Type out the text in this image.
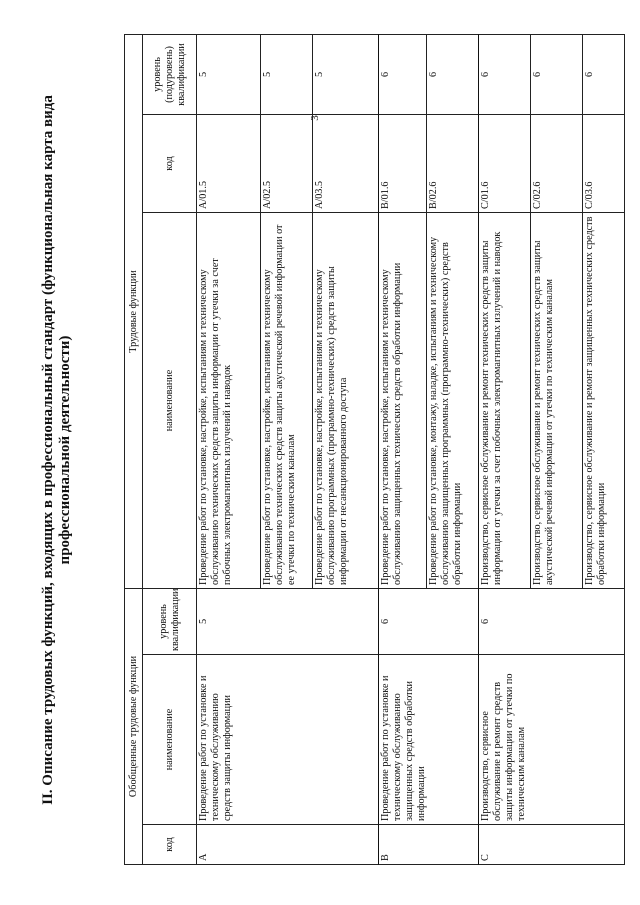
3
II. Описание трудовых функций, входящих в профессиональный стандарт (функциональная карта вида профессиональной деятельности)
Обобщенные трудовые функции			Трудовые функции		
код	наименование	уровень квалификации	наименование	код	уровень (подуровень) квалификации
А	Проведение работ по установке и техническому обслуживанию средств защиты информации	5	Проведение работ по установке, настройке, испытаниям и техническому обслуживанию технических средств защиты информации от утечки за счет побочных электромагнитных излучений и наводок	А/01.5	5
			Проведение работ по установке, настройке, испытаниям и техническому обслуживанию технических средств защиты акустической речевой информации от ее утечки по техническим каналам	А/02.5	5
			Проведение работ по установке, настройке, испытаниям и техническому обслуживанию программных (программно-технических) средств защиты информации от несанкционированного доступа	А/03.5	5
В	Проведение работ по установке и техническому обслуживанию защищенных средств обработки информации	6	Проведение работ по установке, настройке, испытаниям и техническому обслуживанию защищенных технических средств обработки информации	В/01.6	6
			Проведение работ по установке, монтажу, наладке, испытаниям и техническому обслуживанию защищенных программных (программно-технических) средств обработки информации	В/02.6	6
С	Производство, сервисное обслуживание и ремонт средств защиты информации от утечки по техническим каналам	6	Производство, сервисное обслуживание и ремонт технических средств защиты информации от утечки за счет побочных электромагнитных излучений и наводок	С/01.6	6
			Производство, сервисное обслуживание и ремонт технических средств защиты акустической речевой информации от утечки по техническим каналам	С/02.6	6
			Производство, сервисное обслуживание и ремонт защищенных технических средств обработки информации	С/03.6	6
